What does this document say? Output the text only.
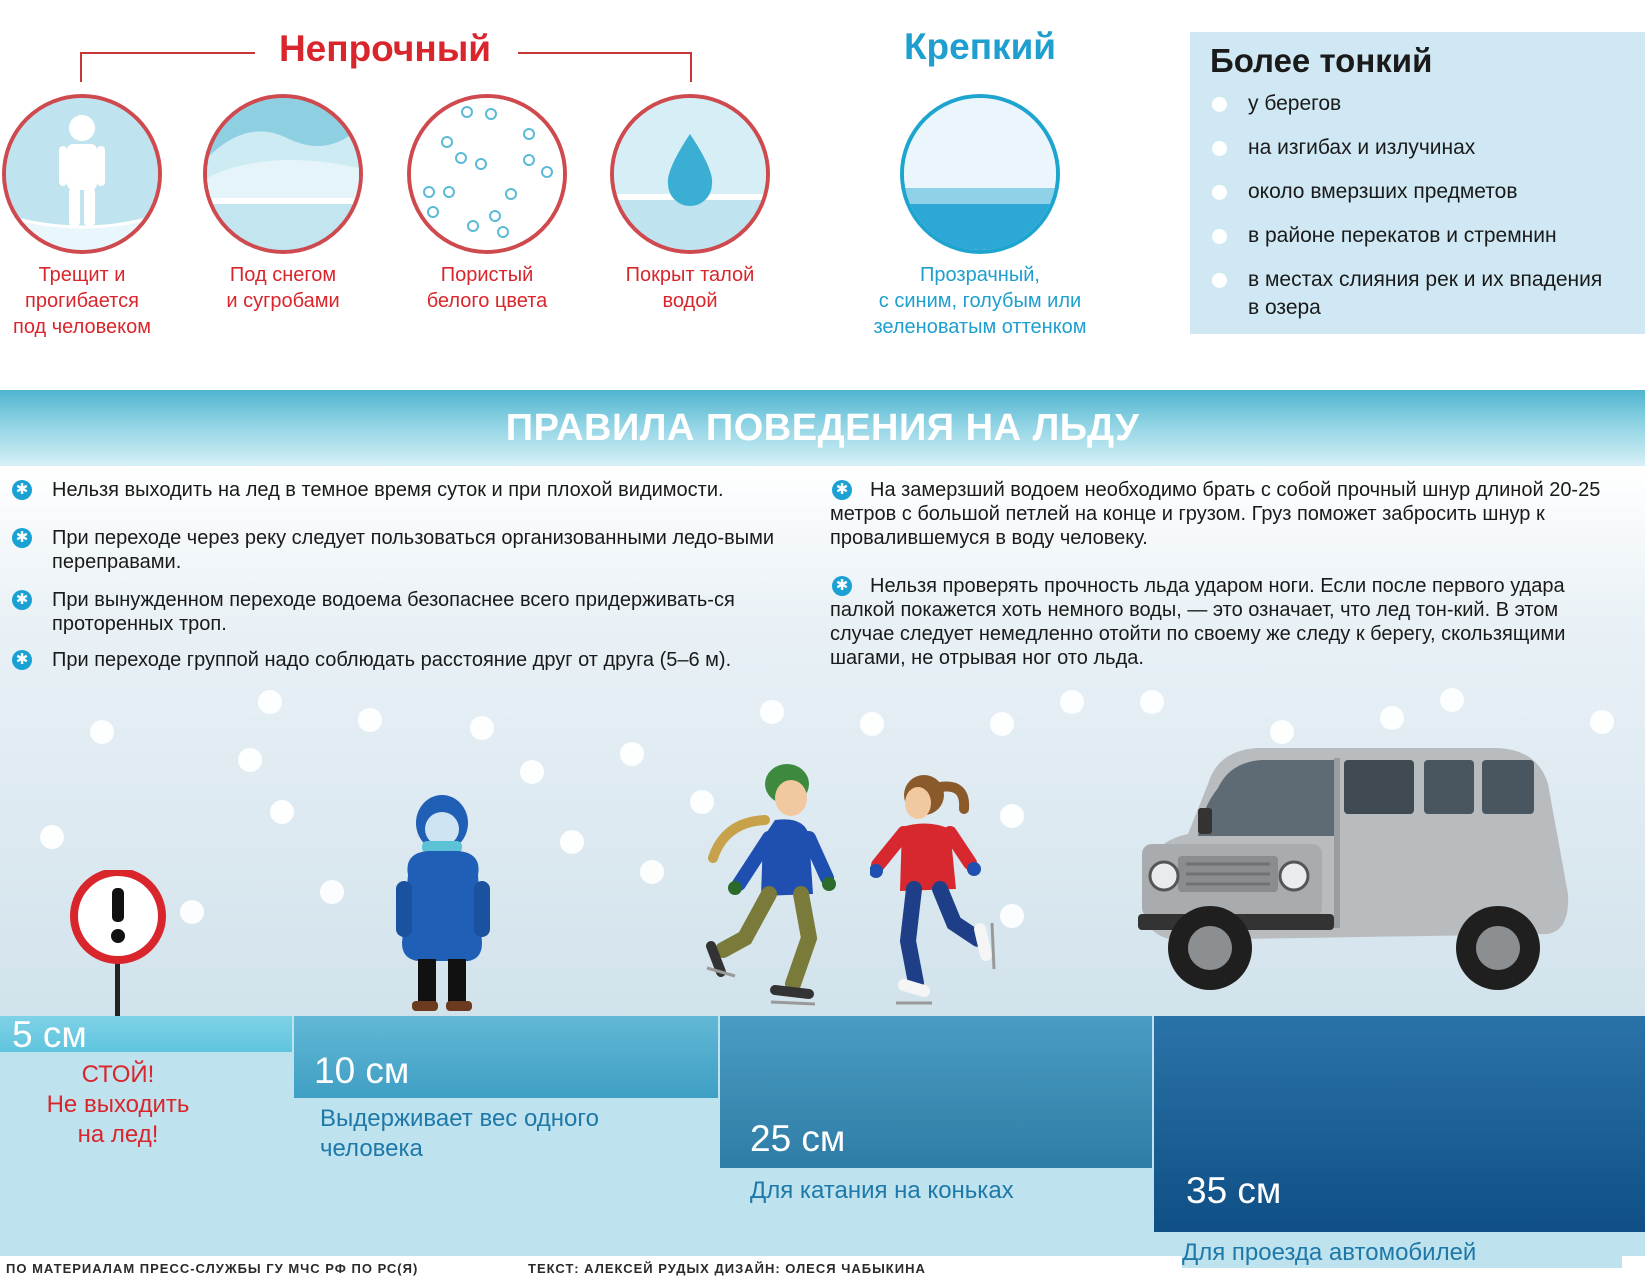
Непрочный
Трещит и
прогибается
под человеком
Под снегом
и сугробами
Пористый
белого цвета
Покрыт талой
водой
Крепкий
Прозрачный,
с синим, голубым или
зеленоватым оттенком
Более тонкий
у берегов
на изгибах и излучинах
около вмерзших предметов
в районе перекатов и стремнин
в местах слияния рек и их впадения в озера
ПРАВИЛА ПОВЕДЕНИЯ НА ЛЬДУ
✱ Нельзя выходить на лед в темное время суток и при плохой видимости.
✱ При переходе через реку следует пользоваться организованными ледо-выми переправами.
✱ При вынужденном переходе водоема безопаснее всего придерживать-ся проторенных троп.
✱ При переходе группой надо соблюдать расстояние друг от друга (5–6 м).
✱	На замерзший водоем необходимо брать с собой прочный шнур длиной 20-25 метров с большой петлей на конце и грузом. Груз поможет забросить шнур к провалившемуся в воду человеку.
✱	Нельзя проверять прочность льда ударом ноги. Если после первого удара палкой покажется хоть немного воды, — это означает, что лед тон-кий. В этом случае следует немедленно отойти по своему же следу к берегу, скользящими шагами, не отрывая ног ото льда.
5 см
СТОЙ!
Не выходить
на лед!
10 см
Выдерживает вес одного
человека	25 см
Для катания на коньках	35 см
Для проезда автомобилей
ПО МАТЕРИАЛАМ ПРЕСС-СЛУЖБЫ ГУ МЧС РФ ПО РС(Я)	ТЕКСТ: АЛЕКСЕЙ РУДЫХ ДИЗАЙН: ОЛЕСЯ ЧАБЫКИНА
